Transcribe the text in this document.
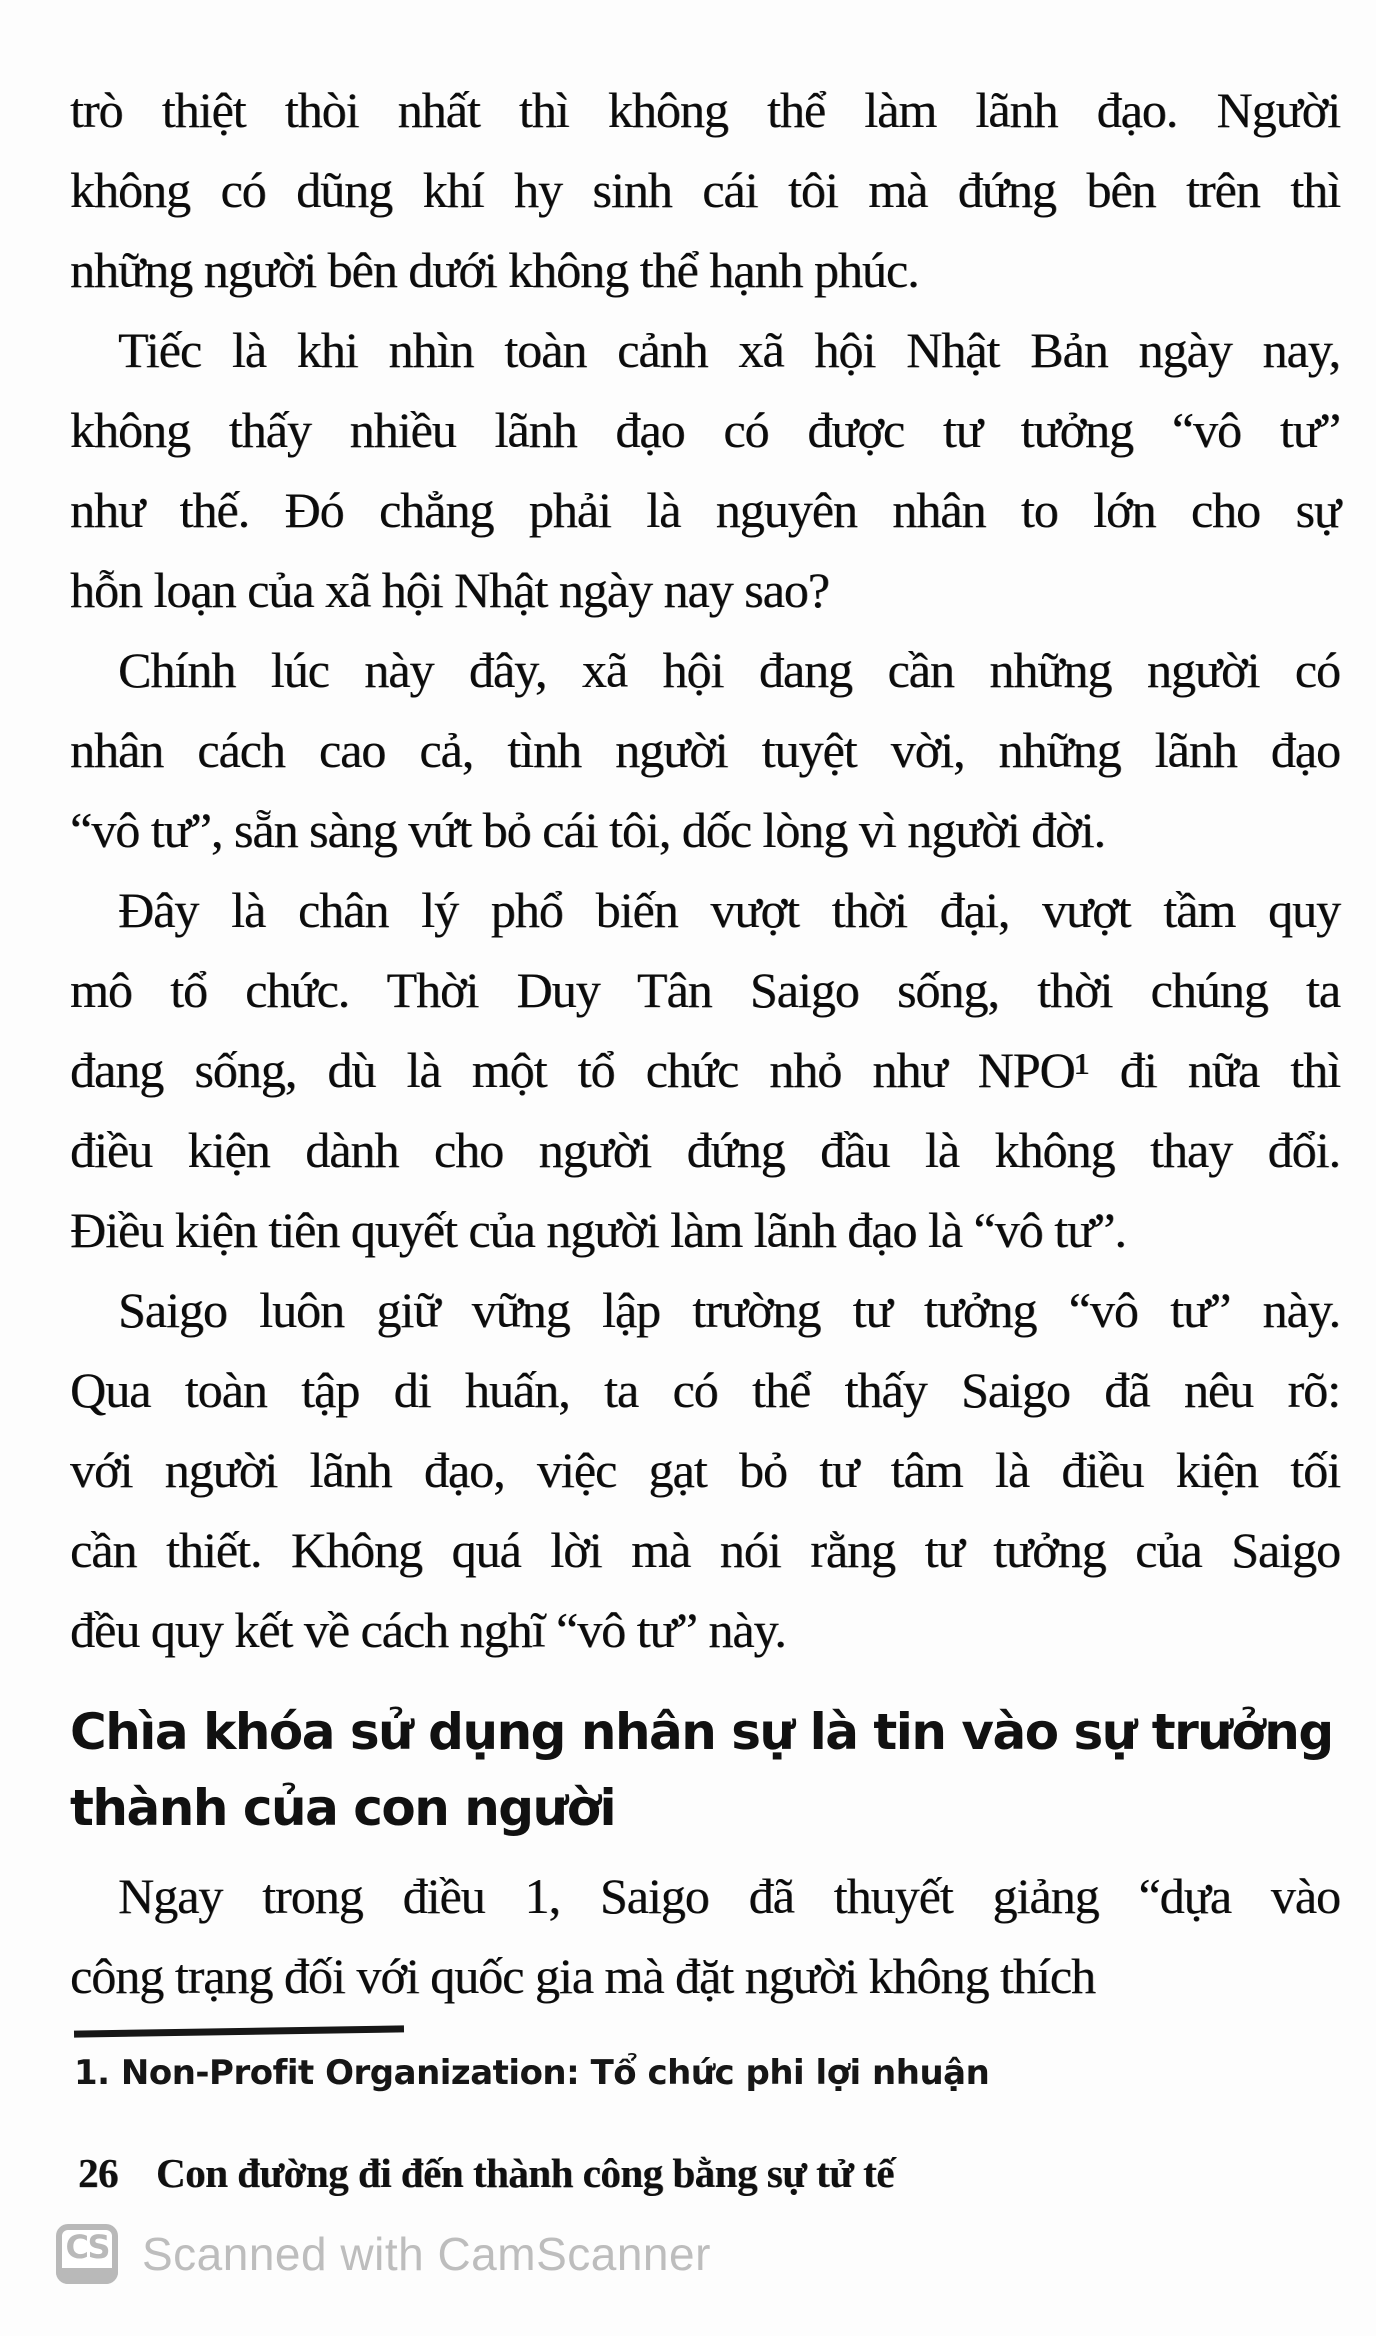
trò thiệt thòi nhất thì không thể làm lãnh đạo. Người
không có dũng khí hy sinh cái tôi mà đứng bên trên thì
những người bên dưới không thể hạnh phúc.
Tiếc là khi nhìn toàn cảnh xã hội Nhật Bản ngày nay,
không thấy nhiều lãnh đạo có được tư tưởng “vô tư”
như thế. Đó chẳng phải là nguyên nhân to lớn cho sự
hỗn loạn của xã hội Nhật ngày nay sao?
Chính lúc này đây, xã hội đang cần những người có
nhân cách cao cả, tình người tuyệt vời, những lãnh đạo
“vô tư”, sẵn sàng vứt bỏ cái tôi, dốc lòng vì người đời.
Đây là chân lý phổ biến vượt thời đại, vượt tầm quy
mô tổ chức. Thời Duy Tân Saigo sống, thời chúng ta
đang sống, dù là một tổ chức nhỏ như NPO¹ đi nữa thì
điều kiện dành cho người đứng đầu là không thay đổi.
Điều kiện tiên quyết của người làm lãnh đạo là “vô tư”.
Saigo luôn giữ vững lập trường tư tưởng “vô tư” này.
Qua toàn tập di huấn, ta có thể thấy Saigo đã nêu rõ:
với người lãnh đạo, việc gạt bỏ tư tâm là điều kiện tối
cần thiết. Không quá lời mà nói rằng tư tưởng của Saigo
đều quy kết về cách nghĩ “vô tư” này.
Chìa khóa sử dụng nhân sự là tin vào sự trưởng
thành của con người
Ngay trong điều 1, Saigo đã thuyết giảng “dựa vào
công trạng đối với quốc gia mà đặt người không thích
1. Non-Profit Organization: Tổ chức phi lợi nhuận
26 Con đường đi đến thành công bằng sự tử tế
CS Scanned with CamScanner
